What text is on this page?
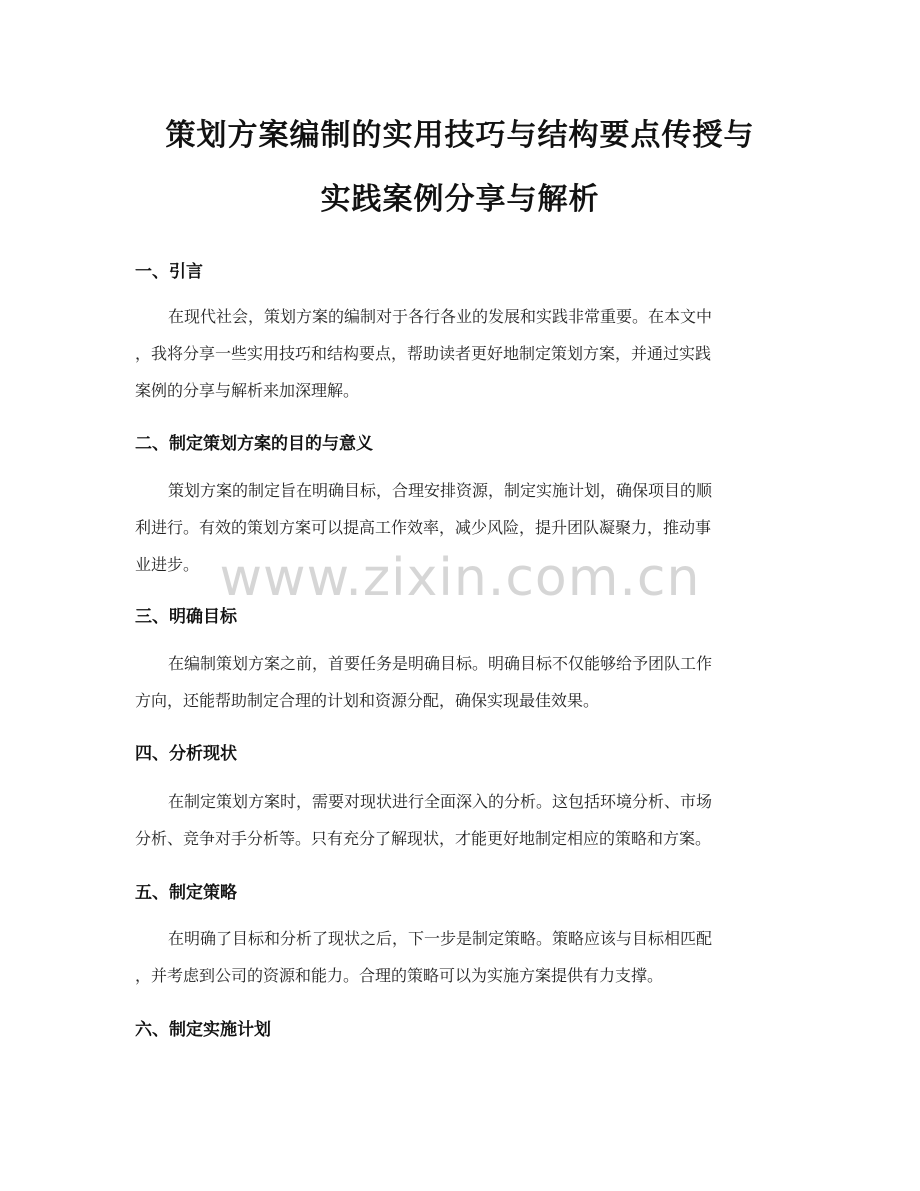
策划方案编制的实用技巧与结构要点传授与
实践案例分享与解析
一、引言
在现代社会，策划方案的编制对于各行各业的发展和实践非常重要。在本文中
，我将分享一些实用技巧和结构要点，帮助读者更好地制定策划方案，并通过实践
案例的分享与解析来加深理解。
二、制定策划方案的目的与意义
策划方案的制定旨在明确目标，合理安排资源，制定实施计划，确保项目的顺
利进行。有效的策划方案可以提高工作效率，减少风险，提升团队凝聚力，推动事
业进步。 www.zixin.com.cn
三、明确目标
在编制策划方案之前，首要任务是明确目标。明确目标不仅能够给予团队工作
方向，还能帮助制定合理的计划和资源分配，确保实现最佳效果。
四、分析现状
在制定策划方案时，需要对现状进行全面深入的分析。这包括环境分析、市场
分析、竞争对手分析等。只有充分了解现状，才能更好地制定相应的策略和方案。
五、制定策略
在明确了目标和分析了现状之后，下一步是制定策略。策略应该与目标相匹配
，并考虑到公司的资源和能力。合理的策略可以为实施方案提供有力支撑。
六、制定实施计划
